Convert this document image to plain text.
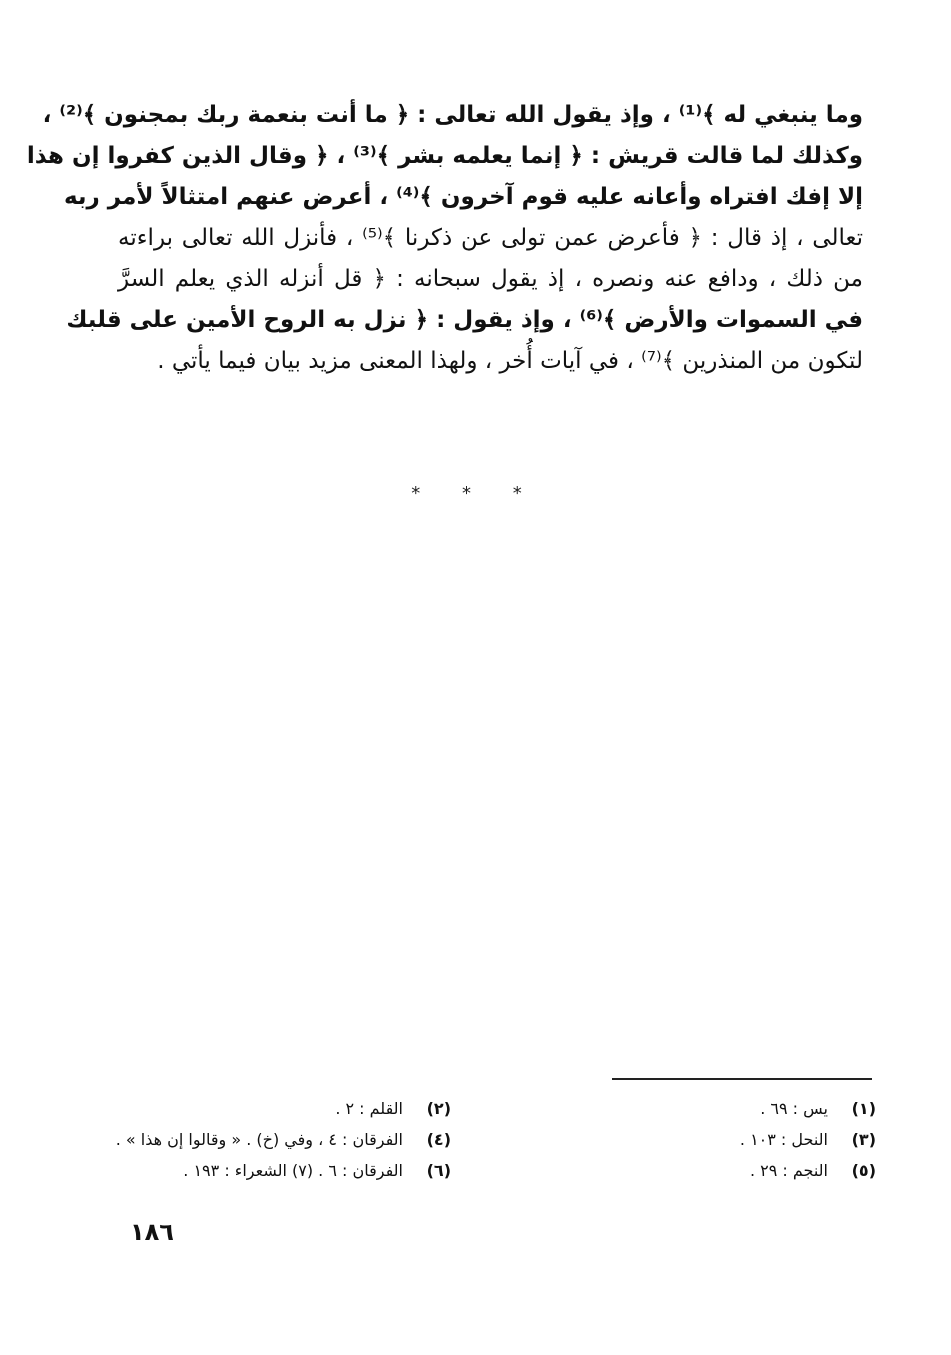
وما ينبغي له ﴾⁽¹⁾ ، وإذ يقول الله تعالى : ﴿ ما أنت بنعمة ربك بمجنون ﴾⁽²⁾ ،
وكذلك لما قالت قريش : ﴿ إنما يعلمه بشر ﴾⁽³⁾ ، ﴿ وقال الذين كفروا إن هذا
إلا إفك افتراه وأعانه عليه قوم آخرون ﴾⁽⁴⁾ ، أعرض عنهم امتثالاً لأمر ربه
تعالى ، إذ قال : ﴿ فأعرض عمن تولى عن ذكرنا ﴾⁽⁵⁾ ، فأنزل الله تعالى براءته
من ذلك ، ودافع عنه ونصره ، إذ يقول سبحانه : ﴿ قل أنزله الذي يعلم السرَّ
في السموات والأرض ﴾⁽⁶⁾ ، وإذ يقول : ﴿ نزل به الروح الأمين على قلبك
لتكون من المنذرين ﴾⁽⁷⁾ ، في آيات أُخر ، ولهذا المعنى مزيد بيان فيما يأتي .
* * *
(١)يس : ٦٩ .
(٣)النحل : ١٠٣ .
(٥)النجم : ٢٩ .
(٢)القلم : ٢ .
(٤)الفرقان : ٤ ، وفي (خ) . « وقالوا إن هذا » .
(٦)الفرقان : ٦ . (٧) الشعراء : ١٩٣ .
١٨٦
